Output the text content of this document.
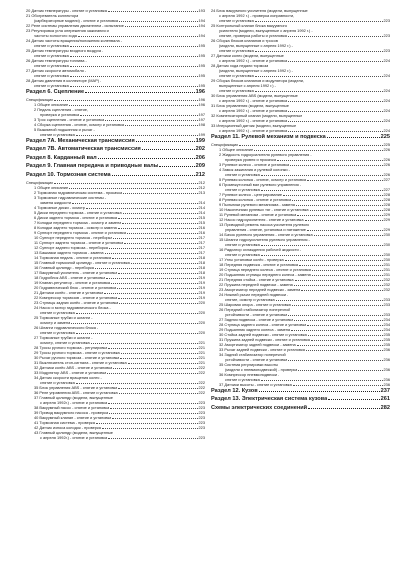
20 Датчик температуры - снятие и установка	193
21 Обогреватель коллектора
(карбюраторные модели) - снятие и установка	194
22 Реле системы управления двигателем - испытание	194
23 Регулировка угла опережения зажигания и
частоты холостого хода	194
24 Датчик частоты вращения/положения коленвала -
снятие и установка	195
25 Датчик температуры входного воздуха -
снятие и установка	195
26 Датчик температуры топлива -
снятие и установка	195
27 Датчик скорости автомобиля -
снятие и установка	195
28 Датчик давления в коллекторе (MAP) -
снятие и установка	195
Раздел 6. Сцепление	196
Спецификации	196
1 Общее описание	196
2 Педаль сцепления - снятие,
проверка и установка	197
3 Трос сцепления - снятие и установка	197
4 Сборка сцепления - снятие, осмотр и установка	198
5 Выжимной подшипник и рычаг -
снятие и установка	199
Раздел 7A. Механическая трансмиссия	199
Раздел 7B. Автоматическая трансмиссия	202
Раздел 8. Карданный вал	206
Раздел 9. Главная передача и приводные валы	209
Раздел 10. Тормозная система	212
Спецификации	212
1 Общее описание	212
2 Тормозная гидравлическая система - прокачка	213
3 Тормозные гидравлические системы -
замена жидкости	214
4 Тормозные диски - осмотр	214
5 Диски переднего тормоза - снятие и установка	214
6 Диски заднего тормоза - снятие и установка	215
7 Колодки переднего тормоза - осмотр и замена	215
8 Колодки заднего тормоза - осмотр и замена	216
9 Суппорт переднего тормоза - снятие и установка	216
10 Суппорт переднего тормоза - переборка	217
11 Суппорт заднего тормоза - снятие и установка	217
12 Суппорт заднего тормоза - переборка	217
13 Башмаки заднего тормоза - замена	217
14 Тормозная педаль - снятие и установка	218
15 Главный тормозной цилиндр - снятие и установка	218
16 Главный цилиндр - переборка	218
17 Вакуумный усилитель - снятие и установка	218
18 Гидроблок ABS - снятие и установка	219
19 Клапан-регулятор - снятие и установка	219
20 Гидравлический блок - снятие и установка	219
21 Датчики колёс - снятие и установка	219
22 Компрессор тормозов - снятие и установка	219
23 Ступицы задних колёс - снятие и установка	220
24 Насос и мотор гидравлического блока -
снятие и установка	220
25 Тормозные трубки и шланги -
осмотр и замена	220
26 Шланги гидравлического блока -
снятие и установка	220
27 Тормозные трубки и шланги -
осмотр, снятие и установка	221
28 Тросы ручного тормоза - регулировка	221
29 Тросы ручного тормоза - снятие и установка	221
30 Рычаг ручного тормоза - снятие и установка	221
31 Выключатель стоп-сигнала - снятие и установка	221
32 Датчики колёс ABS - снятие и установка	222
33 Модулятор ABS - снятие и установка	222
34 Датчик скорости вращения колес -
снятие и установка	222
35 Блок управления ABS - снятие и установка	222
36 Реле управления ABS - снятие и установка	222
37 Главный цилиндр (модели, выпущенные
с апреля 1992г.) - снятие и установка	223
38 Вакуумный насос - снятие и установка	223
39 Привод вакуумного насоса - проверка	223
40 Вакуумный клапан - снятие и установка	223
41 Тормозная система - проверка	223
42 Датчик износа колодок - проверка	223
43 Главный цилиндр (модели, выпущенные
с апреля 1992г.) - снятие и установка	223
24 Блок вакуумного усилителя (модели, выпущенные
с апреля 1992 г.) - проверка исправности,
снятие и установка	223
25 Контрольный клапан блока вакуумного
усилителя (модели, выпущенные с апреля 1992 г.) -
снятие, проверка работы и установка	223
26 Сборка блоков клапанов и тросов
(модели, выпущенные с апреля 1992 г.) -
снятие и установка	223
27 Датчики колес (модели, выпущенные
с апреля 1992 г.) - снятие и установка	224
28 Датчик хода педали тормоза
(модели, выпущенные с апреля 1992 г.) -
снятие и установка	224
29 Сборка блоков клапанов и модулятора (модели,
выпущенные с апреля 1992 г.) -
снятие и установка	224
30 Блок управления ABS (модели, выпущенные
с апреля 1992 г.) - снятие и установка	224
31 Блок управления (модели, выпущенные
с апреля 1992 г.) - снятие и установка	224
32 Компенсаторный клапан (модели, выпущенные
с апреля 1992 г.) - снятие и установка	224
33 Инерционный датчик (модели, выпущенные
с апреля 1992 г.) - снятие и установка	224
Раздел 11. Рулевой механизм и подвеска	225
Спецификации	225
1 Общее описание	226
2 Жидкость гидроусилителя рулевого управления -
проверка уровня и прокачка	226
3 Рулевое колесо - снятие и установка	226
4 Замок зажигания и рулевой колонки -
снятие и установка	226
5 Рулевая колонка - снятие, осмотр и установка	227
6 Промежуточный вал рулевого управления -
снятие и установка	227
7 Рулевое колесо - центрирование	228
8 Рулевая колонка - снятие и установка	228
9 Пыльники рулевого механизма - замена	228
10 Наконечники рулевых тяг - снятие и установка	228
11 Рулевой механизм - снятие и установка	229
12 Насос гидроусилителя - снятие и установка	229
13 Приводной ремень насоса усилителя рулевого
управления - снятие, установка и натяжение	229
14 Бачок рулевого управления - снятие и установка	230
15 Шланги гидроусилителя рулевого управления -
снятие и установка	230
16 Радиатор охлаждения рабочей жидкости -
снятие и установка	230
17 Углы установки колёс - проверка	230
18 Передняя подвеска - снятие и установка	231
19 Ступица переднего колеса - снятие и установка	231
20 Подшипник ступицы переднего колеса - замена	231
21 Передняя стойка - снятие и установка	232
22 Пружина передней подвески - замена	232
23 Амортизатор передней подвески - замена	232
24 Нижний рычаг передней подвески -
снятие, осмотр и установка	233
25 Шаровая опора - снятие и установка	233
26 Передний стабилизатор поперечной
устойчивости - снятие и установка	233
27 Задняя подвеска - снятие и установка	234
28 Ступица заднего колеса - снятие и установка	234
29 Подшипник заднего колеса - замена	234
30 Стойка задней подвески - снятие и установка	235
31 Пружина задней подвески - снятие и установка	235
32 Амортизатор задней подвески - замена	235
33 Рычаг задней подвески - снятие и установка	236
34 Задний стабилизатор поперечной
устойчивости - снятие и установка	236
35 Система регулировки высоты
(модели с пневмоподвеской) - проверка	236
36 Компрессор пневмоподвески -
снятие и установка	236
37 Датчики высоты - снятие и установка	236
Раздел 12. Кузов	237
Раздел 13. Электрическая система кузова	261
Схемы электрических соединений	282
